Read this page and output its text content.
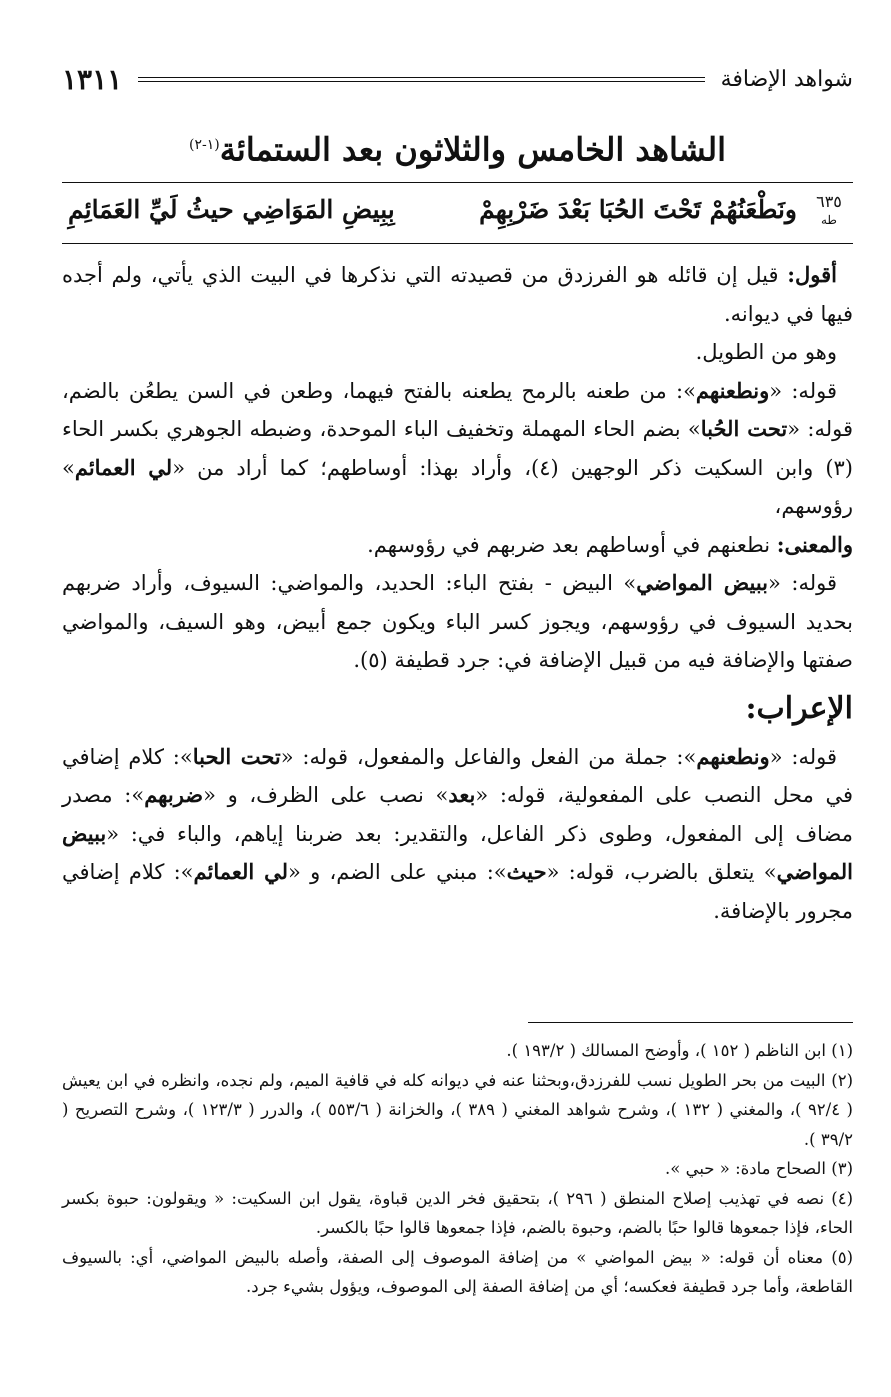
شواهد الإضافة
١٣١١
الشاهد الخامس والثلاثون بعد الستمائة$^{(١-٢)}$
٦٣٥
طه
ونَطْعَنُهُمْ تَحْتَ الحُبَا بَعْدَ ضَرْبِهِمْ
بِبِيضِ المَوَاضِي حيثُ لَيِّ العَمَائِمِ

أقول: قيل إن قائله هو الفرزدق من قصيدته التي نذكرها في البيت الذي يأتي، ولم أجده فيها في ديوانه.

وهو من الطويل.

قوله: «ونطعنهم»: من طعنه بالرمح يطعنه بالفتح فيهما، وطعن في السن يطعُن بالضم، قوله: «تحت الحُبا» بضم الحاء المهملة وتخفيف الباء الموحدة، وضبطه الجوهري بكسر الحاء (٣) وابن السكيت ذكر الوجهين (٤)، وأراد بهذا: أوساطهم؛ كما أراد من «لي العمائم» رؤوسهم،

والمعنى: نطعنهم في أوساطهم بعد ضربهم في رؤوسهم.

قوله: «ببيض المواضي» البيض - بفتح الباء: الحديد، والمواضي: السيوف، وأراد ضربهم بحديد السيوف في رؤوسهم، ويجوز كسر الباء ويكون جمع أبيض، وهو السيف، والمواضي صفتها والإضافة فيه من قبيل الإضافة في: جرد قطيفة (٥).

الإعراب:

قوله: «ونطعنهم»: جملة من الفعل والفاعل والمفعول، قوله: «تحت الحبا»: كلام إضافي في محل النصب على المفعولية، قوله: «بعد» نصب على الظرف، و «ضربهم»: مصدر مضاف إلى المفعول، وطوى ذكر الفاعل، والتقدير: بعد ضربنا إياهم، والباء في: «ببيض المواضي» يتعلق بالضرب، قوله: «حيث»: مبني على الضم، و «لي العمائم»: كلام إضافي مجرور بالإضافة.

(١) ابن الناظم ( ١٥٢ )، وأوضح المسالك ( ١٩٣/٢ ).

(٢) البيت من بحر الطويل نسب للفرزدق،وبحثنا عنه في ديوانه كله في قافية الميم، ولم نجده، وانظره في ابن يعيش ( ٩٢/٤ )، والمغني ( ١٣٢ )، وشرح شواهد المغني ( ٣٨٩ )، والخزانة ( ٥٥٣/٦ )، والدرر ( ١٢٣/٣ )، وشرح التصريح ( ٣٩/٢ ).

(٣) الصحاح مادة: « حبي ».

(٤) نصه في تهذيب إصلاح المنطق ( ٢٩٦ )، بتحقيق فخر الدين قباوة، يقول ابن السكيت: « ويقولون: حبوة بكسر الحاء، فإذا جمعوها قالوا حبًا بالضم، وحبوة بالضم، فإذا جمعوها قالوا حبًا بالكسر.

(٥) معناه أن قوله: « بيض المواضي » من إضافة الموصوف إلى الصفة، وأصله بالبيض المواضي، أي: بالسيوف القاطعة، وأما جرد قطيفة فعكسه؛ أي من إضافة الصفة إلى الموصوف، ويؤول بشيء جرد.
